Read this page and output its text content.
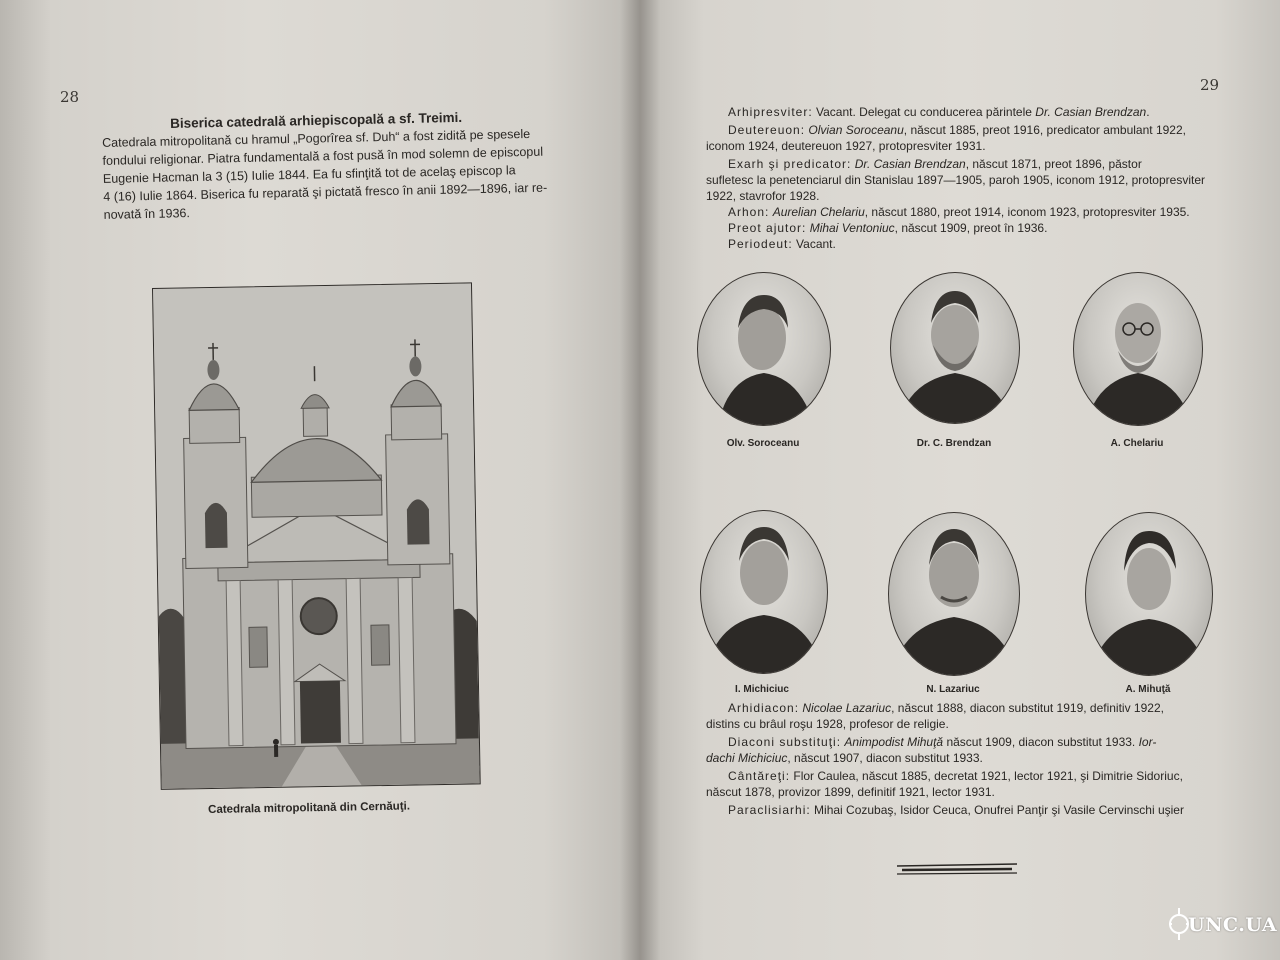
28
Biserica catedrală arhiepiscopală a sf. Treimi.
Catedrala mitropolitană cu hramul „Pogorîrea sf. Duh“ a fost zidită pe spesele
fondului religionar. Piatra fundamentală a fost pusă în mod solemn de episcopul
Eugenie Hacman la 3 (15) Iulie 1844. Ea fu sfinţită tot de acelaş episcop la
4 (16) Iulie 1864. Biserica fu reparată şi pictată fresco în anii 1892—1896, iar re-
novată în 1936.
Catedrala mitropolitană din Cernăuţi.
29
Arhipresviter: Vacant. Delegat cu conducerea părintele Dr. Casian Brendzan.
Deutereuon: Olvian Soroceanu, născut 1885, preot 1916, predicator ambulant 1922,
iconom 1924, deutereuon 1927, protopresviter 1931.
Exarh şi predicator: Dr. Casian Brendzan, născut 1871, preot 1896, păstor
sufletesc la penetenciarul din Stanislau 1897—1905, paroh 1905, iconom 1912, protopresviter
1922, stavrofor 1928.
Arhon: Aurelian Chelariu, născut 1880, preot 1914, iconom 1923, protopresviter 1935.
Preot ajutor: Mihai Ventoniuc, născut 1909, preot în 1936.
Periodeut: Vacant.
Olv. Soroceanu	Dr. C. Brendzan	A. Chelariu
I. Michiciuc	N. Lazariuc	A. Mihuţă
Arhidiacon: Nicolae Lazariuc, născut 1888, diacon substitut 1919, definitiv 1922,
distins cu brâul roşu 1928, profesor de religie.
Diaconi substituţi: Animpodist Mihuţă născut 1909, diacon substitut 1933. Ior-
dachi Michiciuc, născut 1907, diacon substitut 1933.
Cântăreţi: Flor Caulea, născut 1885, decretat 1921, lector 1921, şi Dimitrie Sidoriuc,
născut 1878, provizor 1899, definitif 1921, lector 1931.
Paraclisiarhi: Mihai Cozubaş, Isidor Ceuca, Onufrei Panţir şi Vasile Cervinschi uşier
UNC.UA
